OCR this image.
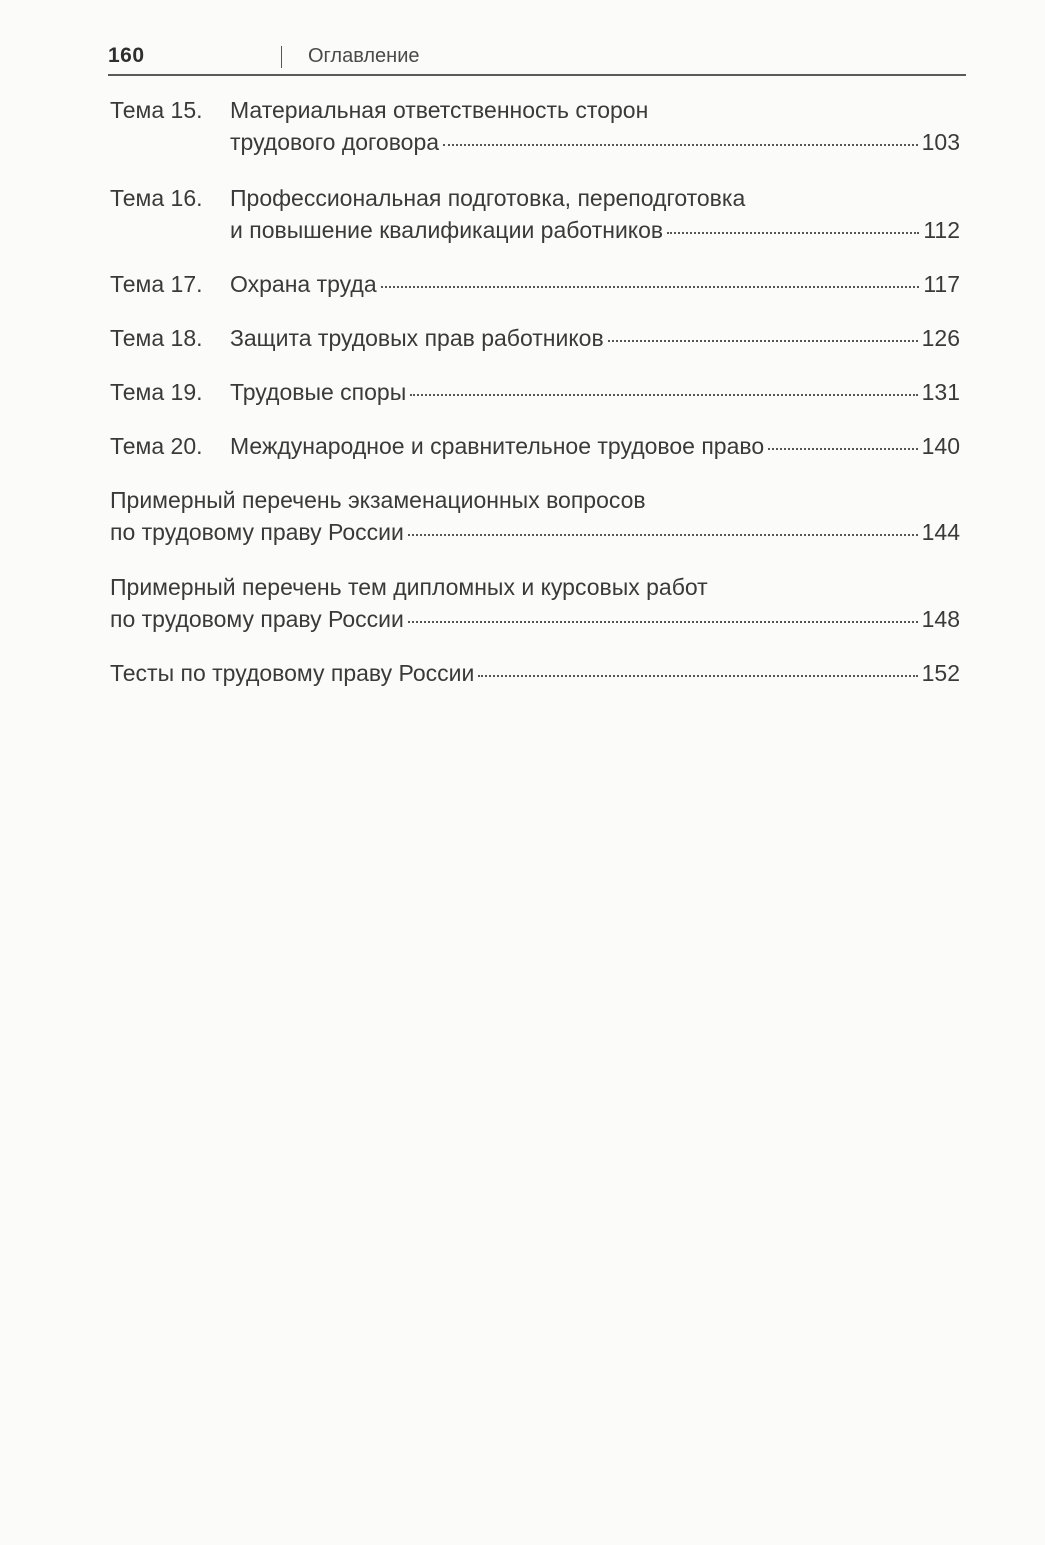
160	Оглавление
Тема 15. Материальная ответственность сторон
трудового договора	103
Тема 16. Профессиональная подготовка, переподготовка
и повышение квалификации работников	112
Тема 17. Охрана труда	117
Тема 18. Защита трудовых прав работников	126
Тема 19. Трудовые споры	131
Тема 20. Международное и сравнительное трудовое право	140
Примерный перечень экзаменационных вопросов
по трудовому праву России	144
Примерный перечень тем дипломных и курсовых работ
по трудовому праву России	148
Тесты по трудовому праву России	152
